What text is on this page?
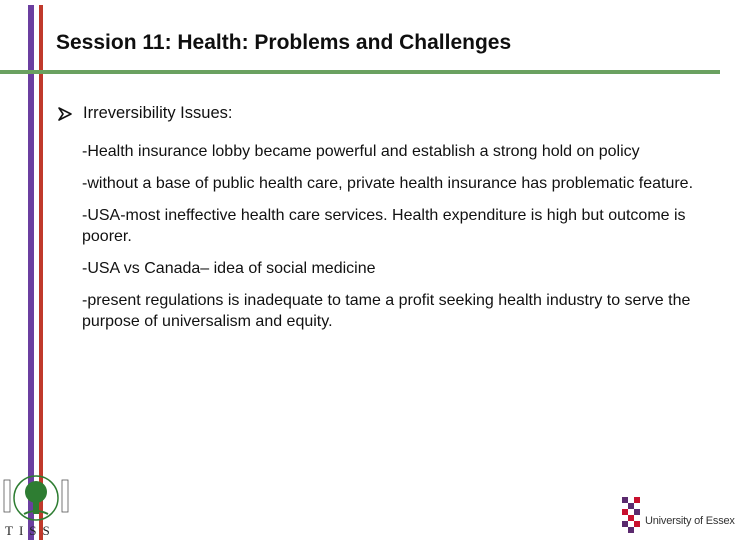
Session 11: Health: Problems and Challenges
Irreversibility Issues:
-Health insurance lobby became powerful and establish a strong hold on policy
-without a base of public health care, private health insurance has problematic feature.
-USA-most ineffective health care services. Health expenditure is high but outcome is poorer.
-USA vs Canada– idea of social medicine
-present regulations is inadequate to tame a profit seeking health industry to serve the purpose of universalism and equity.
TISS
University of Essex
